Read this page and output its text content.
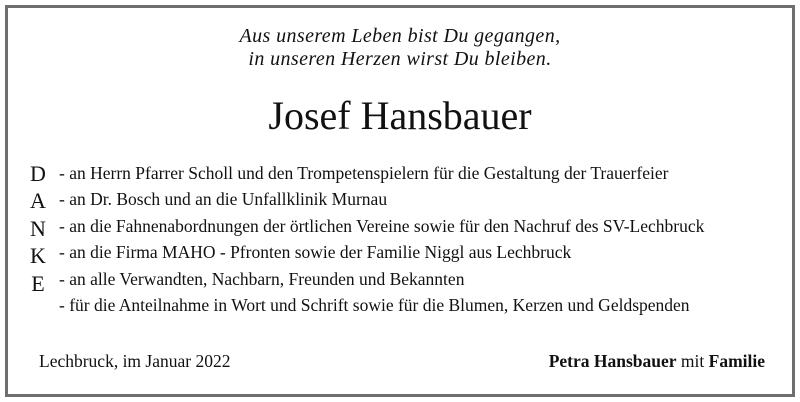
Aus unserem Leben bist Du gegangen,
in unseren Herzen wirst Du bleiben.
Josef Hansbauer
D
A
N
K
E
- an Herrn Pfarrer Scholl und den Trompetenspielern für die Gestaltung der Trauerfeier
- an Dr. Bosch und an die Unfallklinik Murnau
- an die Fahnenabordnungen der örtlichen Vereine sowie für den Nachruf des SV-Lechbruck
- an die Firma MAHO - Pfronten sowie der Familie Niggl aus Lechbruck
- an alle Verwandten, Nachbarn, Freunden und Bekannten
- für die Anteilnahme in Wort und Schrift sowie für die Blumen, Kerzen und Geldspenden
Lechbruck, im Januar 2022	Petra Hansbauer mit Familie
